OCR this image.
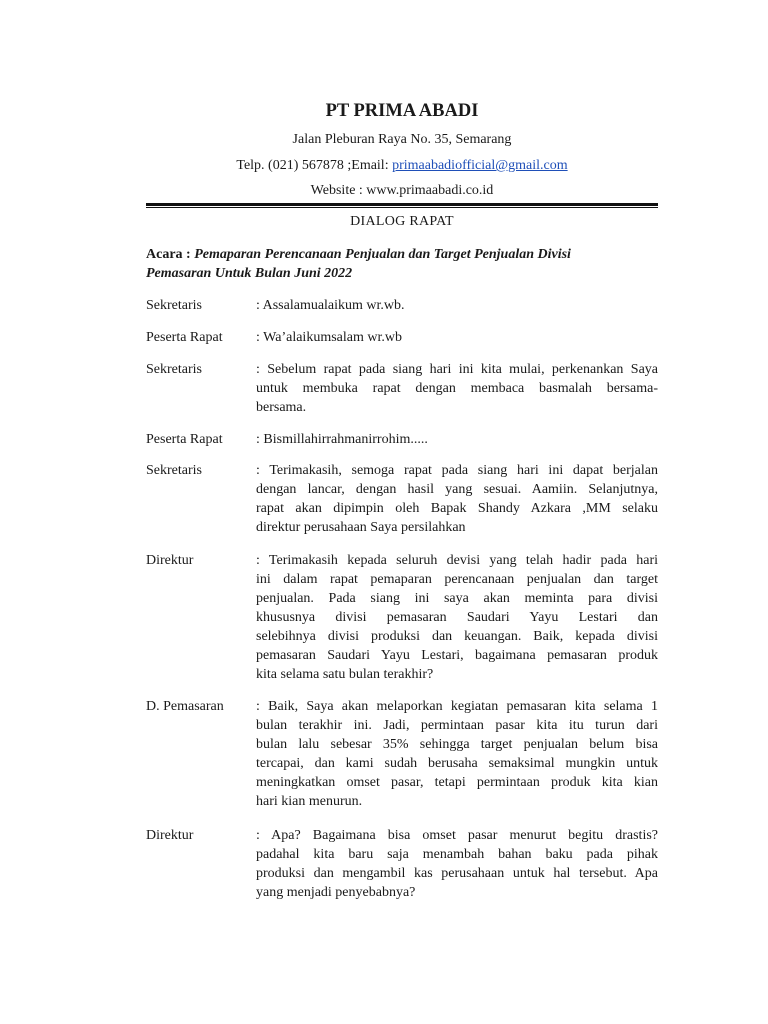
PT PRIMA ABADI
Jalan Pleburan Raya No. 35, Semarang
Telp. (021) 567878 ;Email: primaabadiofficial@gmail.com
Website : www.primaabadi.co.id
DIALOG RAPAT
Acara : Pemaparan Perencanaan Penjualan dan Target Penjualan Divisi
Pemasaran Untuk Bulan Juni 2022
Sekretaris	: Assalamualaikum wr.wb.
Peserta Rapat	: Wa’alaikumsalam wr.wb
Sekretaris	: Sebelum rapat pada siang hari ini kita mulai, perkenankan Saya
untuk membuka rapat dengan membaca basmalah bersama-
bersama.
Peserta Rapat	: Bismillahirrahmanirrohim.....
Sekretaris	: Terimakasih, semoga rapat pada siang hari ini dapat berjalan
dengan lancar, dengan hasil yang sesuai. Aamiin. Selanjutnya,
rapat akan dipimpin oleh Bapak Shandy Azkara ,MM selaku
direktur perusahaan Saya persilahkan
Direktur	: Terimakasih kepada seluruh devisi yang telah hadir pada hari
ini dalam rapat pemaparan perencanaan penjualan dan target
penjualan. Pada siang ini saya akan meminta para divisi
khususnya divisi pemasaran Saudari Yayu Lestari dan
selebihnya divisi produksi dan keuangan. Baik, kepada divisi
pemasaran Saudari Yayu Lestari, bagaimana pemasaran produk
kita selama satu bulan terakhir?
D. Pemasaran	: Baik, Saya akan melaporkan kegiatan pemasaran kita selama 1
bulan terakhir ini. Jadi, permintaan pasar kita itu turun dari
bulan lalu sebesar 35% sehingga target penjualan belum bisa
tercapai, dan kami sudah berusaha semaksimal mungkin untuk
meningkatkan omset pasar, tetapi permintaan produk kita kian
hari kian menurun.
Direktur	: Apa? Bagaimana bisa omset pasar menurut begitu drastis?
padahal kita baru saja menambah bahan baku pada pihak
produksi dan mengambil kas perusahaan untuk hal tersebut. Apa
yang menjadi penyebabnya?
